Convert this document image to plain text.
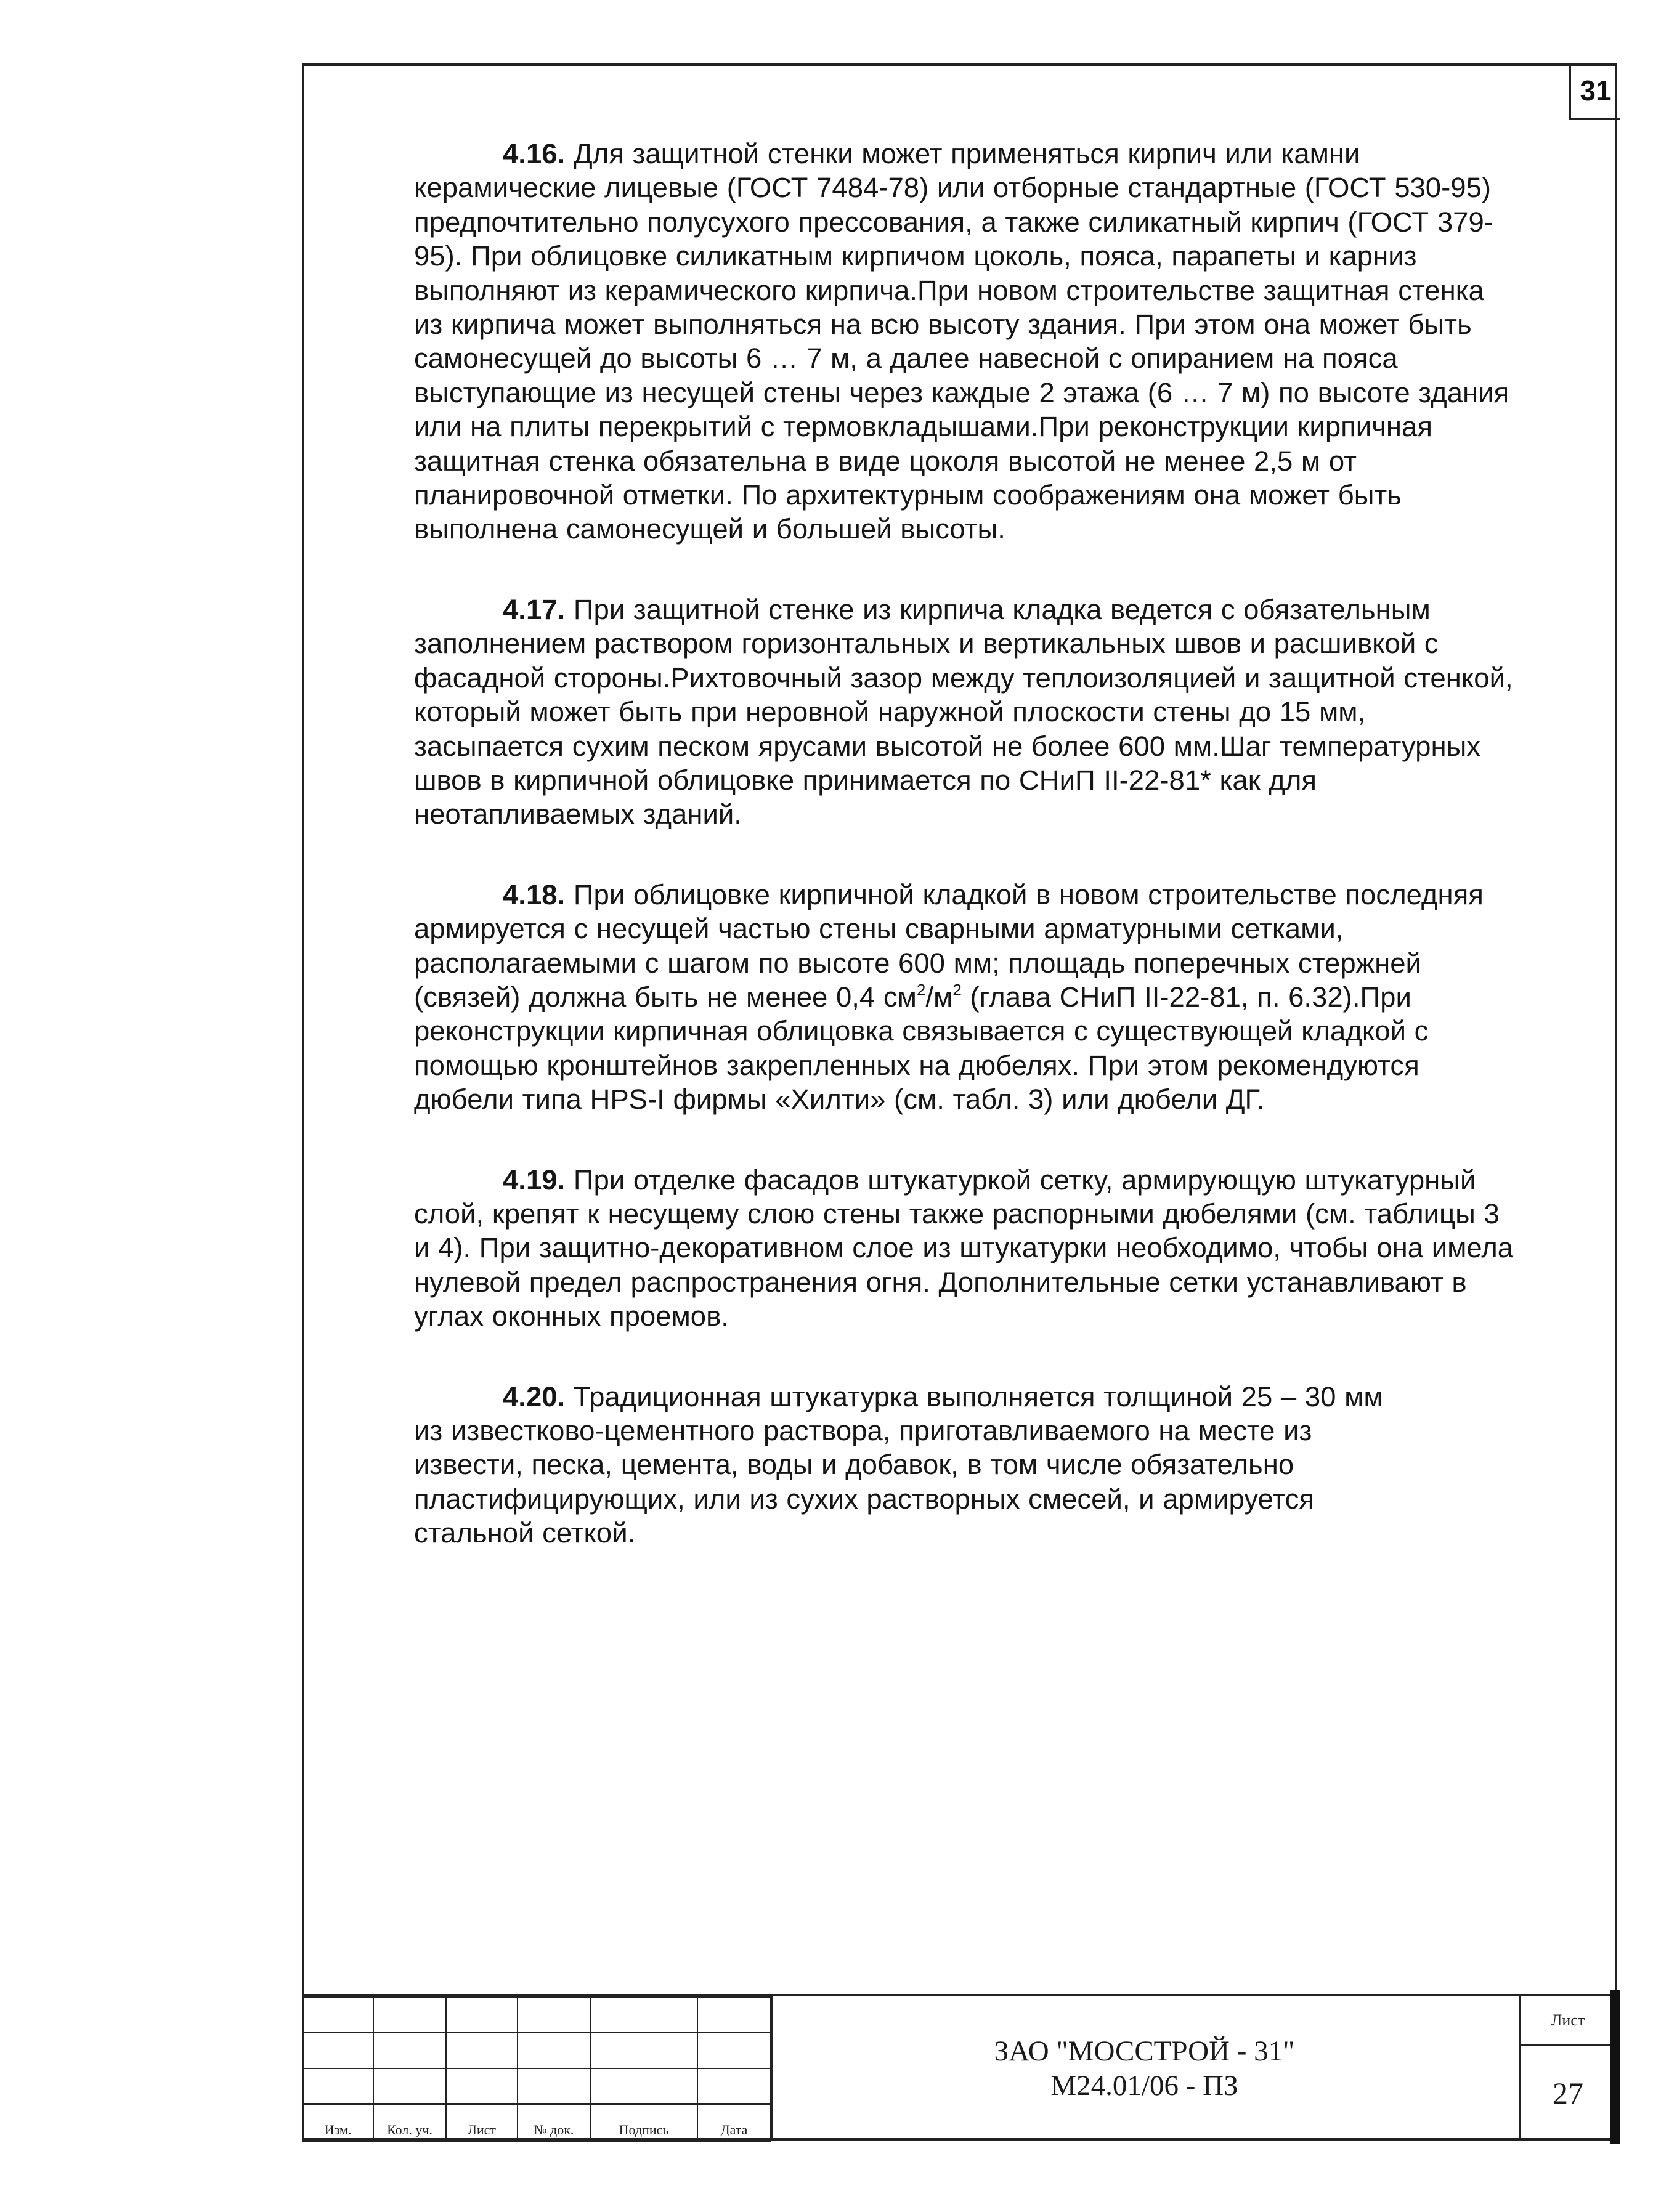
31

4.16. Для защитной стенки может применяться кирпич или камни керамические лицевые (ГОСТ 7484-78) или отборные стандартные (ГОСТ 530-95) предпочтительно полусухого прессования, а также силикатный кирпич (ГОСТ 379-95). При облицовке силикатным кирпичом цоколь, пояса, парапеты и карниз выполняют из керамического кирпича.При новом строительстве защитная стенка из кирпича может выполняться на всю высоту здания. При этом она может быть самонесущей до высоты 6 … 7 м, а далее навесной с опиранием на пояса выступающие из несущей стены через каждые 2 этажа (6 … 7 м) по высоте здания или на плиты перекрытий с термовкладышами.При реконструкции кирпичная защитная стенка обязательна в виде цоколя высотой не менее 2,5 м от планировочной отметки. По архитектурным соображениям она может быть выполнена самонесущей и большей высоты.

4.17. При защитной стенке из кирпича кладка ведется с обязательным заполнением раствором горизонтальных и вертикальных швов и расшивкой с фасадной стороны.Рихтовочный зазор между теплоизоляцией и защитной стенкой, который может быть при неровной наружной плоскости стены до 15 мм, засыпается сухим песком ярусами высотой не более 600 мм.Шаг температурных швов в кирпичной облицовке принимается по СНиП II-22-81* как для неотапливаемых зданий.

4.18. При облицовке кирпичной кладкой в новом строительстве последняя армируется с несущей частью стены сварными арматурными сетками, располагаемыми с шагом по высоте 600 мм; площадь поперечных стержней (связей) должна быть не менее 0,4 $см^2/м^2$ (глава СНиП II-22-81, п. 6.32).При реконструкции кирпичная облицовка связывается с существующей кладкой с помощью кронштейнов закрепленных на дюбелях. При этом рекомендуются дюбели типа HPS-I фирмы «Хилти» (см. табл. 3) или дюбели ДГ.

4.19. При отделке фасадов штукатуркой сетку, армирующую штукатурный слой, крепят к несущему слою стены также распорными дюбелями (см. таблицы 3 и 4). При защитно-декоративном слое из штукатурки необходимо, чтобы она имела нулевой предел распространения огня. Дополнительные сетки устанавливают в углах оконных проемов.

4.20. Традиционная штукатурка выполняется толщиной 25 – 30 мм из известково-цементного раствора, приготавливаемого на месте из извести, песка, цемента, воды и добавок, в том числе обязательно пластифицирующих, или из сухих растворных смесей, и армируется стальной сеткой.

Изм.	Кол. уч.	Лист	№ док.	Подпись	Дата
ЗАО "МОССТРОЙ - 31"
М24.01/06 - ПЗ
Лист
27
